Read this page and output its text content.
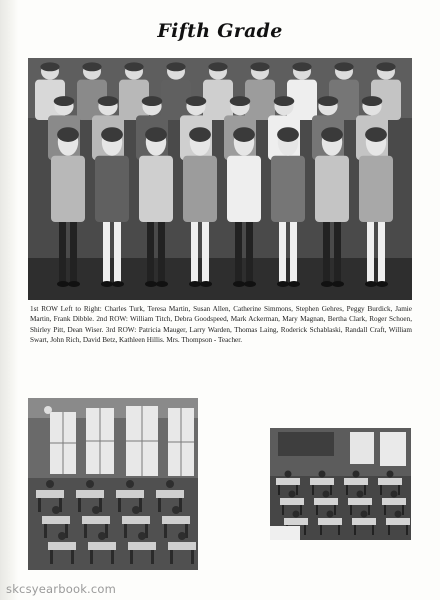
Fifth Grade
1st ROW Left to Right: Charles Turk, Teresa Martin, Susan Allen, Catherine Simmons, Stephen Gehres, Peggy Burdick, Jamie Martin, Frank Dibble. 2nd ROW: William Titch, Debra Goodspeed, Mark Ackerman, Mary Magnan, Bertha Clark, Roger Schoen, Shirley Pitt, Dean Wiser. 3rd ROW: Patricia Mauger, Larry Warden, Thomas Laing, Roderick Schablaski, Randall Craft, William Swart, John Rich, David Betz, Kathleen Hillis. Mrs. Thompson - Teacher.
skcsyearbook.com
